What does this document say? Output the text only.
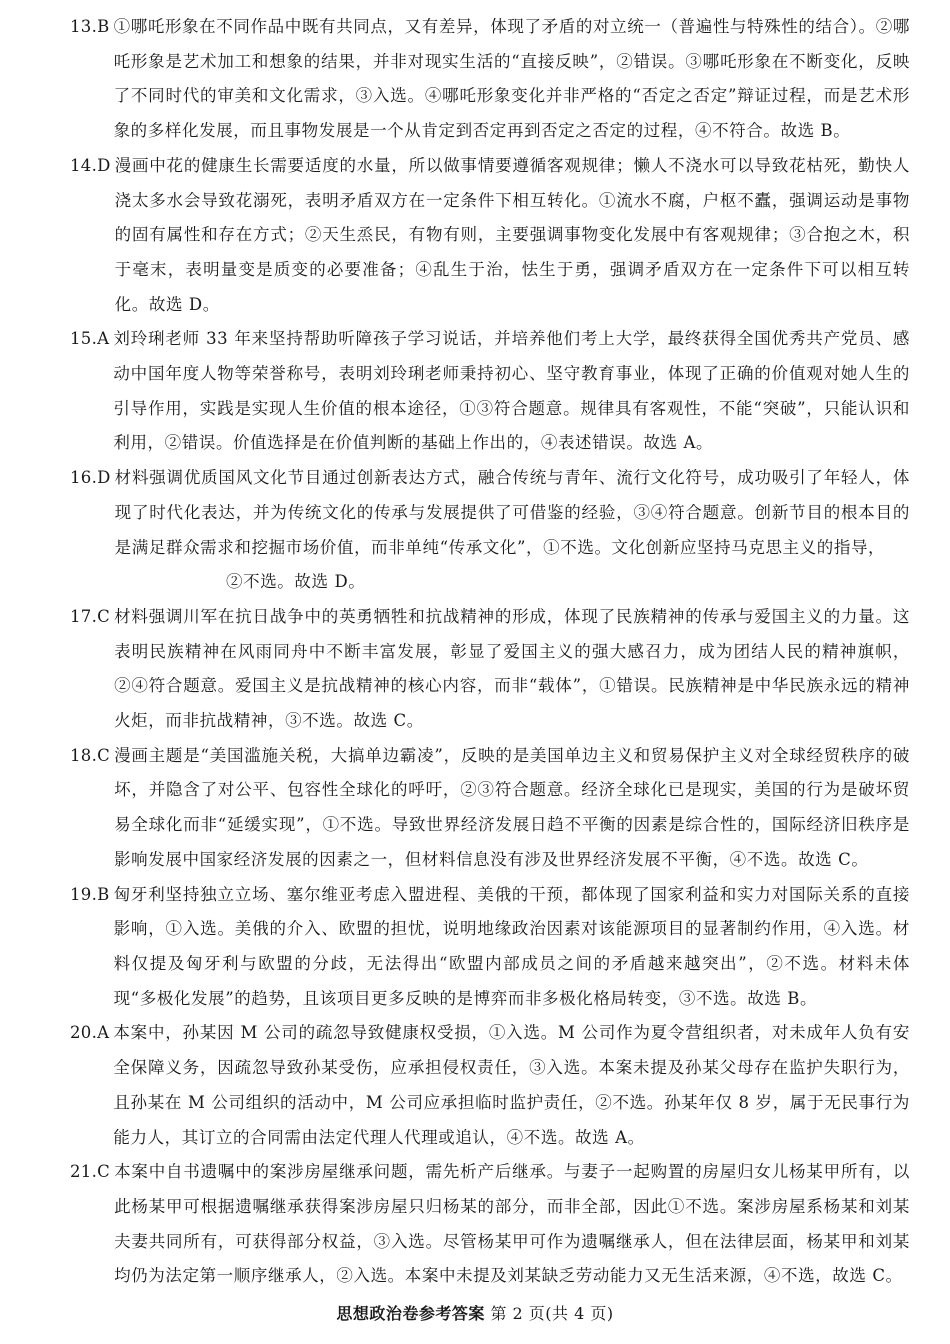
13.B ①哪吒形象在不同作品中既有共同点，又有差异，体现了矛盾的对立统一（普遍性与特殊性的结合）。②哪吒形象是艺术加工和想象的结果，并非对现实生活的“直接反映”，②错误。③哪吒形象在不断变化，反映了不同时代的审美和文化需求，③入选。④哪吒形象变化并非严格的“否定之否定”辩证过程，而是艺术形象的多样化发展，而且事物发展是一个从肯定到否定再到否定之否定的过程，④不符合。故选 B。
14.D 漫画中花的健康生长需要适度的水量，所以做事情要遵循客观规律；懒人不浇水可以导致花枯死，勤快人浇太多水会导致花溺死，表明矛盾双方在一定条件下相互转化。①流水不腐，户枢不蠹，强调运动是事物的固有属性和存在方式；②天生烝民，有物有则，主要强调事物变化发展中有客观规律；③合抱之木，积于毫末，表明量变是质变的必要准备；④乱生于治，怯生于勇，强调矛盾双方在一定条件下可以相互转化。故选 D。
15.A 刘玲琍老师 33 年来坚持帮助听障孩子学习说话，并培养他们考上大学，最终获得全国优秀共产党员、感动中国年度人物等荣誉称号，表明刘玲琍老师秉持初心、坚守教育事业，体现了正确的价值观对她人生的引导作用，实践是实现人生价值的根本途径，①③符合题意。规律具有客观性，不能“突破”，只能认识和利用，②错误。价值选择是在价值判断的基础上作出的，④表述错误。故选 A。
16.D 材料强调优质国风文化节目通过创新表达方式，融合传统与青年、流行文化符号，成功吸引了年轻人，体现了时代化表达，并为传统文化的传承与发展提供了可借鉴的经验，③④符合题意。创新节目的根本目的是满足群众需求和挖掘市场价值，而非单纯“传承文化”，①不选。文化创新应坚持马克思主义的指导，
②不选。故选 D。
17.C 材料强调川军在抗日战争中的英勇牺牲和抗战精神的形成，体现了民族精神的传承与爱国主义的力量。这表明民族精神在风雨同舟中不断丰富发展，彰显了爱国主义的强大感召力，成为团结人民的精神旗帜，②④符合题意。爱国主义是抗战精神的核心内容，而非“载体”，①错误。民族精神是中华民族永远的精神火炬，而非抗战精神，③不选。故选 C。
18.C 漫画主题是“美国滥施关税，大搞单边霸凌”，反映的是美国单边主义和贸易保护主义对全球经贸秩序的破坏，并隐含了对公平、包容性全球化的呼吁，②③符合题意。经济全球化已是现实，美国的行为是破坏贸易全球化而非“延缓实现”，①不选。导致世界经济发展日趋不平衡的因素是综合性的，国际经济旧秩序是影响发展中国家经济发展的因素之一，但材料信息没有涉及世界经济发展不平衡，④不选。故选 C。
19.B 匈牙利坚持独立立场、塞尔维亚考虑入盟进程、美俄的干预，都体现了国家利益和实力对国际关系的直接影响，①入选。美俄的介入、欧盟的担忧，说明地缘政治因素对该能源项目的显著制约作用，④入选。材料仅提及匈牙利与欧盟的分歧，无法得出“欧盟内部成员之间的矛盾越来越突出”，②不选。材料未体现“多极化发展”的趋势，且该项目更多反映的是博弈而非多极化格局转变，③不选。故选 B。
20.A 本案中，孙某因 M 公司的疏忽导致健康权受损，①入选。M 公司作为夏令营组织者，对未成年人负有安全保障义务，因疏忽导致孙某受伤，应承担侵权责任，③入选。本案未提及孙某父母存在监护失职行为，且孙某在 M 公司组织的活动中，M 公司应承担临时监护责任，②不选。孙某年仅 8 岁，属于无民事行为能力人，其订立的合同需由法定代理人代理或追认，④不选。故选 A。
21.C 本案中自书遗嘱中的案涉房屋继承问题，需先析产后继承。与妻子一起购置的房屋归女儿杨某甲所有，以此杨某甲可根据遗嘱继承获得案涉房屋只归杨某的部分，而非全部，因此①不选。案涉房屋系杨某和刘某夫妻共同所有，可获得部分权益，③入选。尽管杨某甲可作为遗嘱继承人，但在法律层面，杨某甲和刘某均仍为法定第一顺序继承人，②入选。本案中未提及刘某缺乏劳动能力又无生活来源，④不选，故选 C。
思想政治卷参考答案 第 2 页(共 4 页)
